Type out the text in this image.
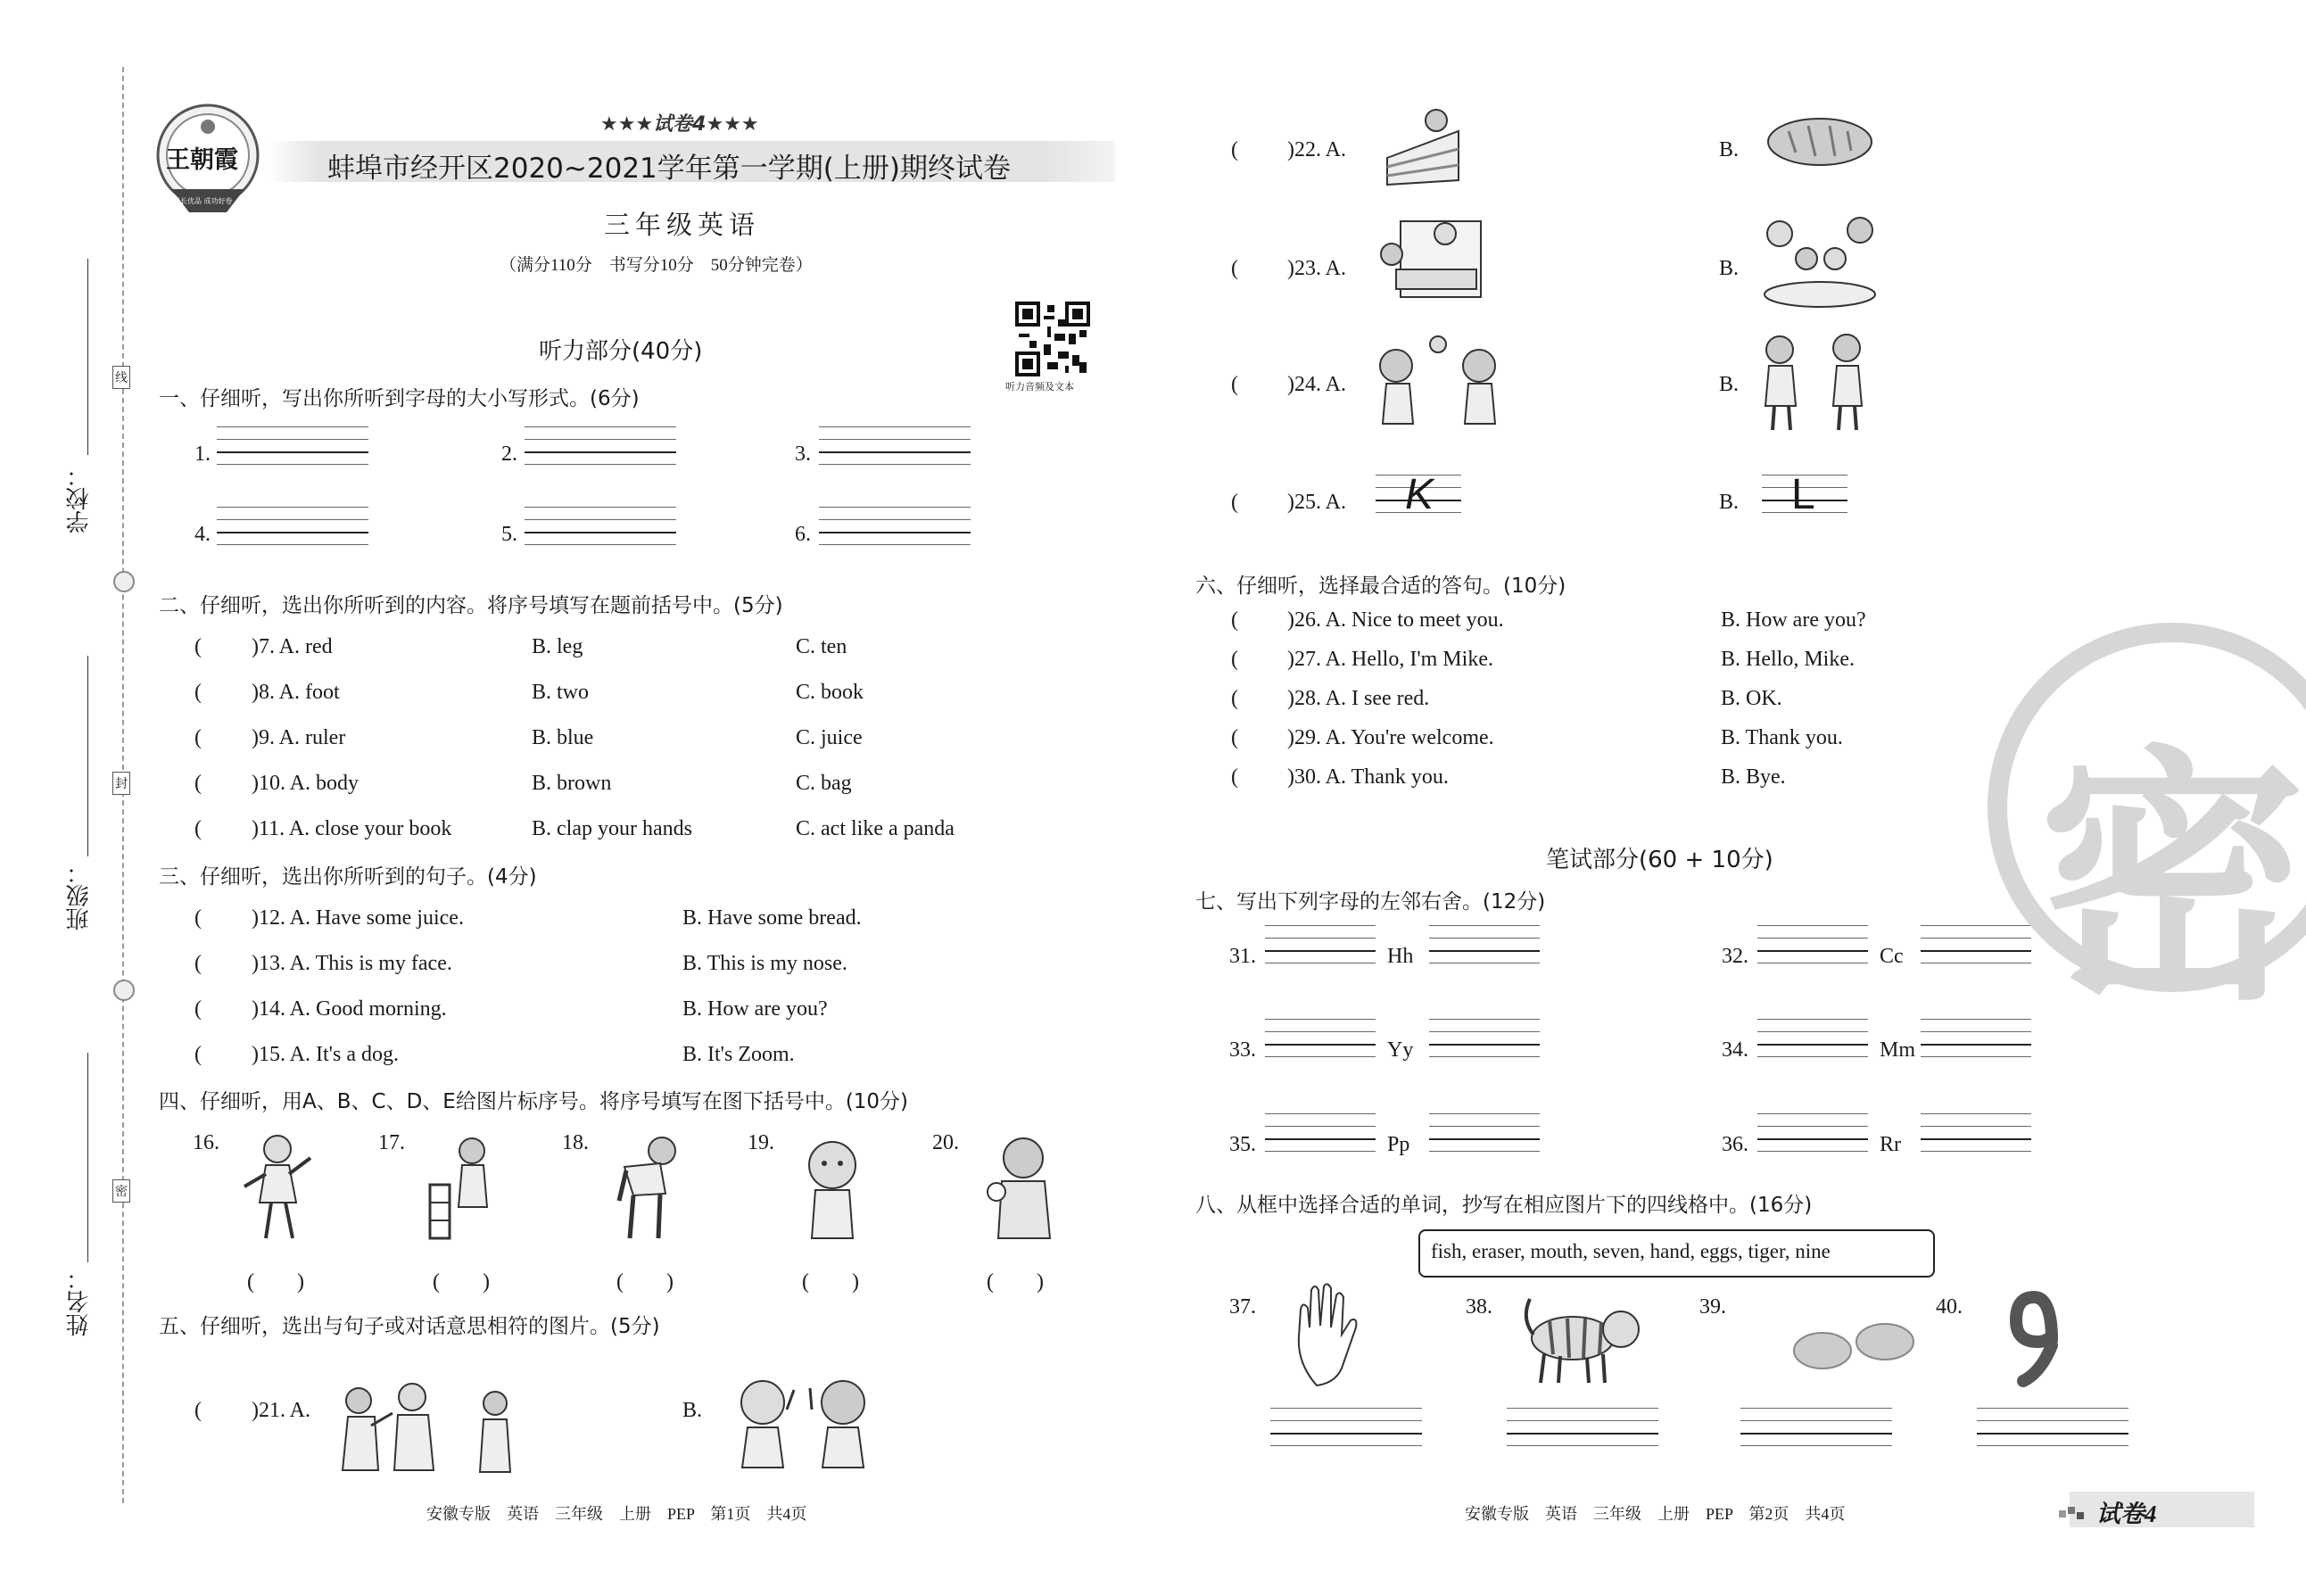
学校：
班级：
姓名：
线
封
密
王朝霞
成长优品 成功好卷
★★★试卷4★★★
蚌埠市经开区2020~2021学年第一学期(上册)期终试卷
三年级英语
（满分110分　书写分10分　50分钟完卷）
听力音频及文本
听力部分(40分)
一、仔细听，写出你所听到字母的大小写形式。(6分)
1.	2.	3.
4.	5.	6.
二、仔细听，选出你所听到的内容。将序号填写在题前括号中。(5分)
( )7. A. red	B. leg	C. ten
( )8. A. foot	B. two	C. book
( )9. A. ruler	B. blue	C. juice
( )10. A. body	B. brown	C. bag
( )11. A. close your book	B. clap your hands	C. act like a panda
三、仔细听，选出你所听到的句子。(4分)
( )12. A. Have some juice.	B. Have some bread.
( )13. A. This is my face.	B. This is my nose.
( )14. A. Good morning.	B. How are you?
( )15. A. It's a dog.	B. It's Zoom.
四、仔细听，用A、B、C、D、E给图片标序号。将序号填写在图下括号中。(10分)
16.
(　　)
17.
(　　)
18.
(　　)
19.
(　　)
20.
(　　)
五、仔细听，选出与句子或对话意思相符的图片。(5分)
( )21. A.	B.
安徽专版　英语　三年级　上册　PEP　第1页　共4页
( )22. A.	B.
( )23. A.	B.
( )24. A.	B.
( )25. A.	B.
K	L
六、仔细听，选择最合适的答句。(10分)
( )26. A. Nice to meet you.	B. How are you?
( )27. A. Hello, I'm Mike.	B. Hello, Mike.
( )28. A. I see red.	B. OK.
( )29. A. You're welcome.	B. Thank you.
( )30. A. Thank you.	B. Bye.
笔试部分(60 + 10分)
七、写出下列字母的左邻右舍。(12分)
31.	Hh	32.	Cc
33.	Yy	34.	Mm
35.	Pp	36.	Rr
八、从框中选择合适的单词，抄写在相应图片下的四线格中。(16分)
fish, eraser, mouth, seven, hand, eggs, tiger, nine
37.	38.	39.	40.
安徽专版　英语　三年级　上册　PEP　第2页　共4页	试卷4
密
